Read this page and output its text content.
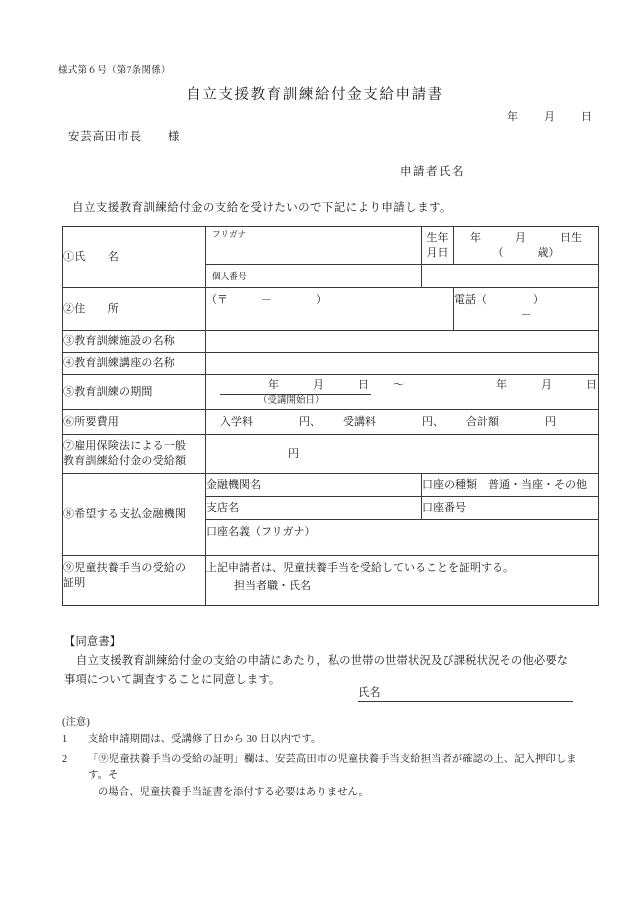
様式第６号（第7条関係）
自立支援教育訓練給付金支給申請書
年 月 日
安芸高田市長 様
申請者氏名
自立支援教育訓練給付金の支給を受けたいので下記により申請します。
①氏　　名	フリガナ	生年月日	年 月 日生
（ 歳）

	個人番号		

②住　　所	（〒　　　－　　　　）		電話（ ）
－

③教育訓練施設の名称			
④教育訓練講座の名称			
⑤教育訓練の期間	年 月 日 ～ 年 月 日
（受講開始日）		

⑥所要費用	入学料 円、 受講料 円、 合計額 円		

⑦雇用保険法による一般
教育訓練給付金の受給額	円		
⑧希望する支払金融機関	金融機関名	口座の種類　普通・当座・その他	
	支店名	口座番号	
	口座名義（フリガナ）		

⑨児童扶養手当の受給の
証明

上記申請者は、児童扶養手当を受給していることを証明する。
担当者職・氏名

【同意書】

自立支援教育訓練給付金の支給の申請にあたり，私の世帯の世帯状況及び課税状況その他必要な事項について調査することに同意します。

氏名

(注意)

1	支給申請期間は、受講修了日から 30 日以内です。
2	「⑨児童扶養手当の受給の証明」欄は、安芸高田市の児童扶養手当支給担当者が確認の上、記入押印します。そ
の場合、児童扶養手当証書を添付する必要はありません。
